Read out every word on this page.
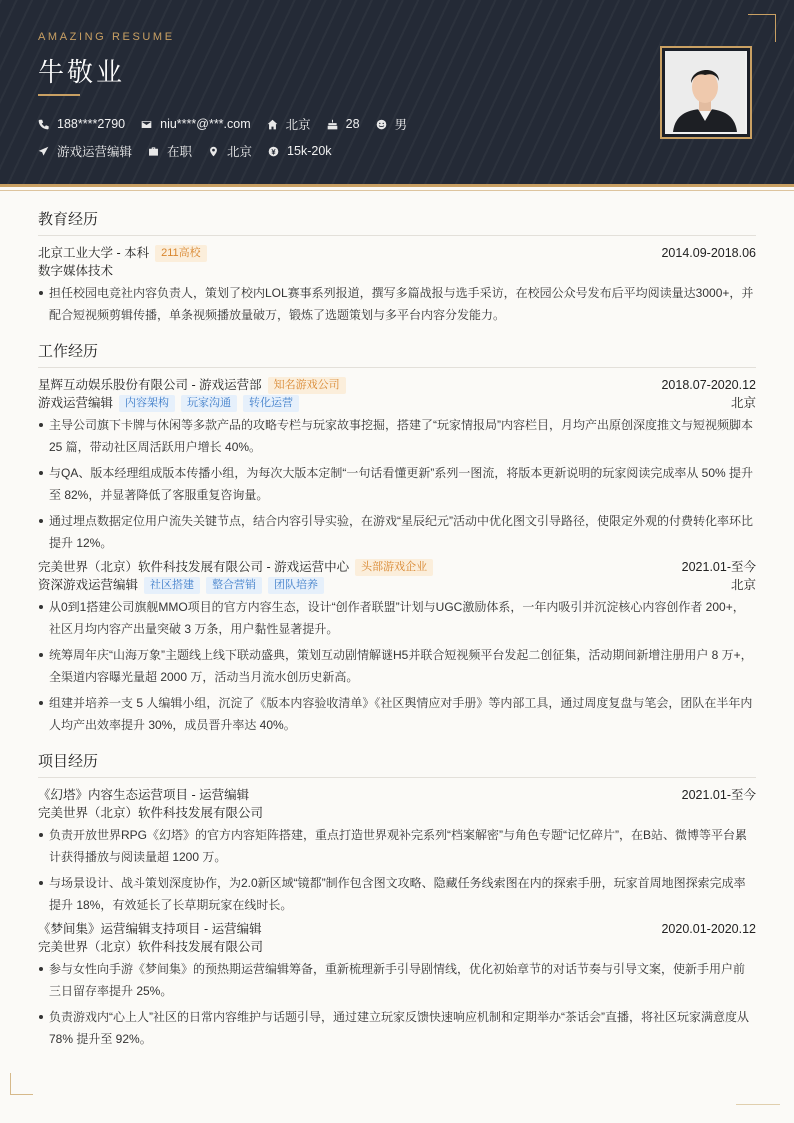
AMAZING RESUME
牛敬业
188****2790	niu****@***.com	北京	28	男
游戏运营编辑	在职	北京	15k-20k
教育经历
北京工业大学 - 本科	211高校	2014.09-2018.06
数字媒体技术
担任校园电竞社内容负责人，策划了校内LOL赛事系列报道，撰写多篇战报与选手采访，在校园公众号发布后平均阅读量达3000+，并配合短视频剪辑传播，单条视频播放量破万，锻炼了选题策划与多平台内容分发能力。
工作经历
星辉互动娱乐股份有限公司 - 游戏运营部	知名游戏公司	2018.07-2020.12
游戏运营编辑	内容架构	玩家沟通	转化运营	北京
主导公司旗下卡牌与休闲等多款产品的攻略专栏与玩家故事挖掘，搭建了“玩家情报局”内容栏目，月均产出原创深度推文与短视频脚本 25 篇，带动社区周活跃用户增长 40%。
与QA、版本经理组成版本传播小组，为每次大版本定制“一句话看懂更新”系列一图流，将版本更新说明的玩家阅读完成率从 50% 提升至 82%，并显著降低了客服重复咨询量。
通过埋点数据定位用户流失关键节点，结合内容引导实验，在游戏“星辰纪元”活动中优化图文引导路径，使限定外观的付费转化率环比提升 12%。
完美世界（北京）软件科技发展有限公司 - 游戏运营中心	头部游戏企业	2021.01-至今
资深游戏运营编辑	社区搭建	整合营销	团队培养	北京
从0到1搭建公司旗舰MMO项目的官方内容生态，设计“创作者联盟”计划与UGC激励体系，一年内吸引并沉淀核心内容创作者 200+，社区月均内容产出量突破 3 万条，用户黏性显著提升。
统筹周年庆“山海万象”主题线上线下联动盛典，策划互动剧情解谜H5并联合短视频平台发起二创征集，活动期间新增注册用户 8 万+，全渠道内容曝光量超 2000 万，活动当月流水创历史新高。
组建并培养一支 5 人编辑小组，沉淀了《版本内容验收清单》《社区舆情应对手册》等内部工具，通过周度复盘与笔会，团队在半年内人均产出效率提升 30%，成员晋升率达 40%。
项目经历
《幻塔》内容生态运营项目 - 运营编辑	2021.01-至今
完美世界（北京）软件科技发展有限公司
负责开放世界RPG《幻塔》的官方内容矩阵搭建，重点打造世界观补完系列“档案解密”与角色专题“记忆碎片”，在B站、微博等平台累计获得播放与阅读量超 1200 万。
与场景设计、战斗策划深度协作，为2.0新区域“镜都”制作包含图文攻略、隐藏任务线索图在内的探索手册，玩家首周地图探索完成率提升 18%，有效延长了长草期玩家在线时长。
《梦间集》运营编辑支持项目 - 运营编辑	2020.01-2020.12
完美世界（北京）软件科技发展有限公司
参与女性向手游《梦间集》的预热期运营编辑筹备，重新梳理新手引导剧情线，优化初始章节的对话节奏与引导文案，使新手用户前三日留存率提升 25%。
负责游戏内“心上人”社区的日常内容维护与话题引导，通过建立玩家反馈快速响应机制和定期举办“茶话会”直播，将社区玩家满意度从 78% 提升至 92%。
